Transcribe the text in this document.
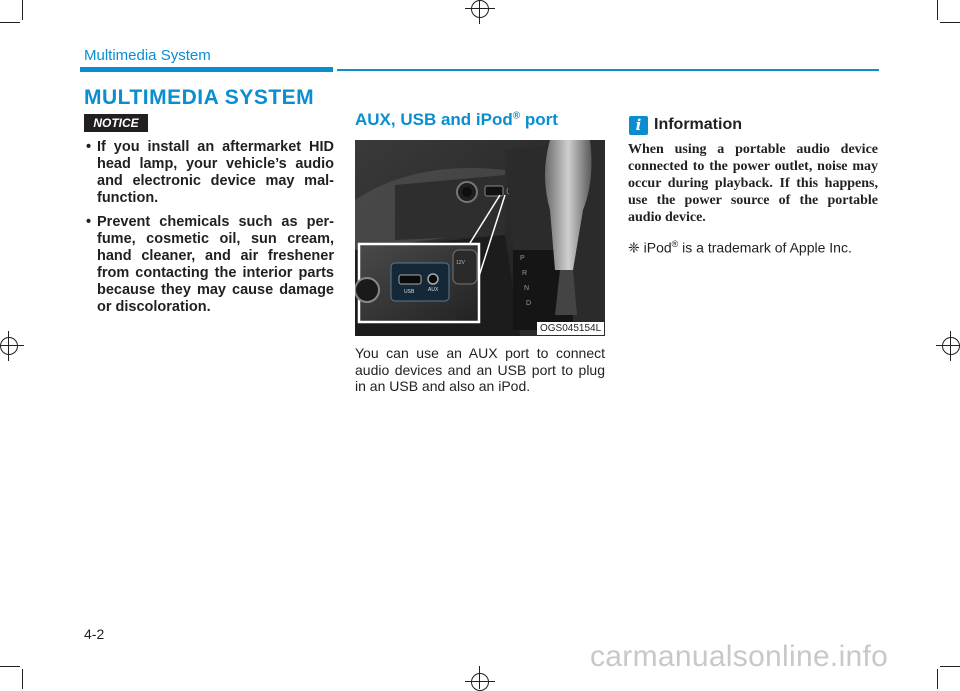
Multimedia System
MULTIMEDIA SYSTEM
NOTICE
• If you install an aftermarket HID head lamp, your vehicle’s audio and electronic device may mal-function.
• Prevent chemicals such as per-fume, cosmetic oil, sun cream, hand cleaner, and air freshener from contacting the interior parts because they may cause damage or discoloration.
AUX, USB and iPod® port
P
R
N
D
USB	AUX
12V
OGS045154L
You can use an AUX port to connect audio devices and an USB port to plug in an USB and also an iPod.
i Information
When using a portable audio device connected to the power outlet, noise may occur during playback. If this happens, use the power source of the portable audio device.
❈ iPod® is a trademark of Apple Inc.
4-2
carmanualsonline.info
